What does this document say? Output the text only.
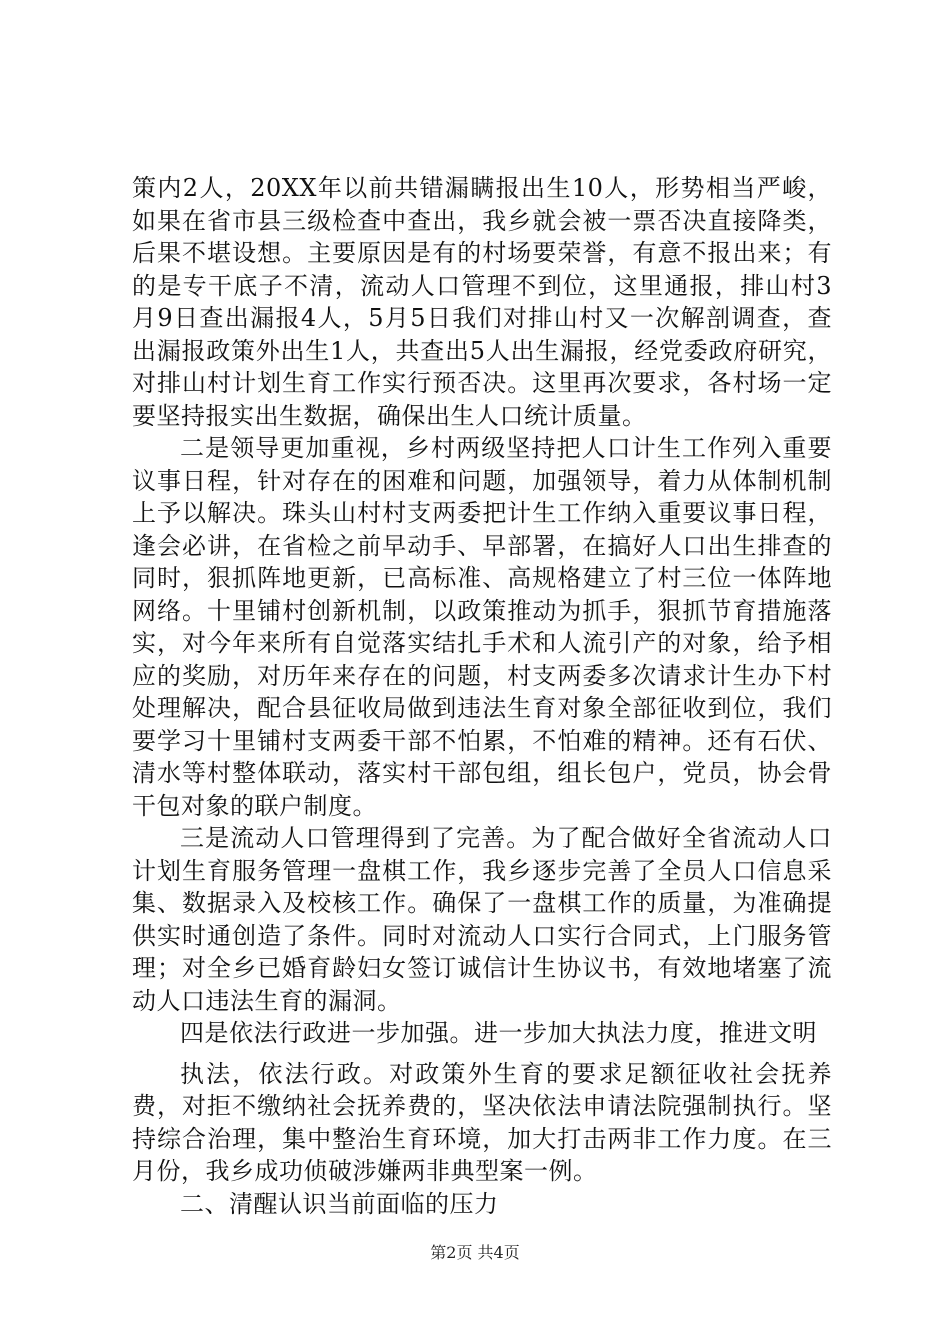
策内2人，20XX年以前共错漏瞒报出生10人，形势相当严峻，如果在省市县三级检查中查出，我乡就会被一票否决直接降类，后果不堪设想。主要原因是有的村场要荣誉，有意不报出来；有的是专干底子不清，流动人口管理不到位，这里通报，排山村3月9日查出漏报4人，5月5日我们对排山村又一次解剖调查，查出漏报政策外出生1人，共查出5人出生漏报，经党委政府研究，对排山村计划生育工作实行预否决。这里再次要求，各村场一定要坚持报实出生数据，确保出生人口统计质量。

二是领导更加重视，乡村两级坚持把人口计生工作列入重要议事日程，针对存在的困难和问题，加强领导，着力从体制机制上予以解决。珠头山村村支两委把计生工作纳入重要议事日程，逢会必讲，在省检之前早动手、早部署，在搞好人口出生排查的同时，狠抓阵地更新，已高标准、高规格建立了村三位一体阵地网络。十里铺村创新机制，以政策推动为抓手，狠抓节育措施落实，对今年来所有自觉落实结扎手术和人流引产的对象，给予相应的奖励，对历年来存在的问题，村支两委多次请求计生办下村处理解决，配合县征收局做到违法生育对象全部征收到位，我们要学习十里铺村支两委干部不怕累，不怕难的精神。还有石伏、清水等村整体联动，落实村干部包组，组长包户，党员，协会骨干包对象的联户制度。

三是流动人口管理得到了完善。为了配合做好全省流动人口计划生育服务管理一盘棋工作，我乡逐步完善了全员人口信息采集、数据录入及校核工作。确保了一盘棋工作的质量，为准确提供实时通创造了条件。同时对流动人口实行合同式，上门服务管理；对全乡已婚育龄妇女签订诚信计生协议书，有效地堵塞了流动人口违法生育的漏洞。

四是依法行政进一步加强。进一步加大执法力度，推进文明

执法，依法行政。对政策外生育的要求足额征收社会抚养费，对拒不缴纳社会抚养费的，坚决依法申请法院强制执行。坚持综合治理，集中整治生育环境，加大打击两非工作力度。在三月份，我乡成功侦破涉嫌两非典型案一例。

二、清醒认识当前面临的压力

第2页 共4页
